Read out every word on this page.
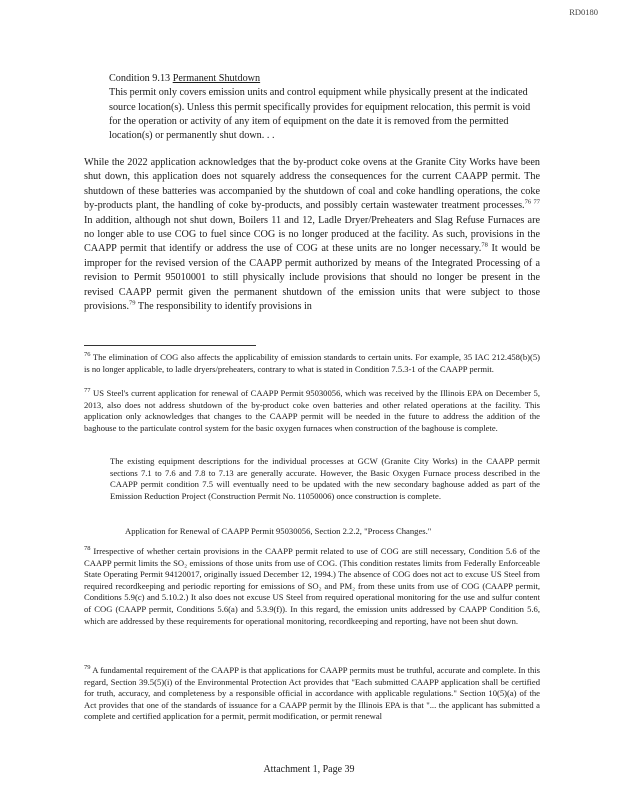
RD0180

Condition 9.13 Permanent Shutdown

This permit only covers emission units and control equipment while physically present at the indicated source location(s). Unless this permit specifically provides for equipment relocation, this permit is void for the operation or activity of any item of equipment on the date it is removed from the permitted location(s) or permanently shut down. . .

While the 2022 application acknowledges that the by-product coke ovens at the Granite City Works have been shut down, this application does not squarely address the consequences for the current CAAPP permit. The shutdown of these batteries was accompanied by the shutdown of coal and coke handling operations, the coke by-products plant, the handling of coke by-products, and possibly certain wastewater treatment processes.$^{76 77}$ In addition, although not shut down, Boilers 11 and 12, Ladle Dryer/Preheaters and Slag Refuse Furnaces are no longer able to use COG to fuel since COG is no longer produced at the facility. As such, provisions in the CAAPP permit that identify or address the use of COG at these units are no longer necessary.$^{78}$ It would be improper for the revised version of the CAAPP permit authorized by means of the Integrated Processing of a revision to Permit 95010001 to still physically include provisions that should no longer be present in the revised CAAPP permit given the permanent shutdown of the emission units that were subject to those provisions.$^{79}$ The responsibility to identify provisions in

$^{76}$ The elimination of COG also affects the applicability of emission standards to certain units. For example, 35 IAC 212.458(b)(5) is no longer applicable, to ladle dryers/preheaters, contrary to what is stated in Condition 7.5.3-1 of the CAAPP permit.

$^{77}$ US Steel's current application for renewal of CAAPP Permit 95030056, which was received by the Illinois EPA on December 5, 2013, also does not address shutdown of the by-product coke oven batteries and other related operations at the facility. This application only acknowledges that changes to the CAAPP permit will be needed in the future to address the addition of the baghouse to the particulate control system for the basic oxygen furnaces when construction of the baghouse is complete.

The existing equipment descriptions for the individual processes at GCW (Granite City Works) in the CAAPP permit sections 7.1 to 7.6 and 7.8 to 7.13 are generally accurate. However, the Basic Oxygen Furnace process described in the CAAPP permit condition 7.5 will eventually need to be updated with the new secondary baghouse added as part of the Emission Reduction Project (Construction Permit No. 11050006) once construction is complete.

Application for Renewal of CAAPP Permit 95030056, Section 2.2.2, "Process Changes."

$^{78}$ Irrespective of whether certain provisions in the CAAPP permit related to use of COG are still necessary, Condition 5.6 of the CAAPP permit limits the SO₂ emissions of those units from use of COG. (This condition restates limits from Federally Enforceable State Operating Permit 94120017, originally issued December 12, 1994.) The absence of COG does not act to excuse US Steel from required recordkeeping and periodic reporting for emissions of SO₂ and PM₂ from these units from use of COG (CAAPP permit, Conditions 5.9(c) and 5.10.2.) It also does not excuse US Steel from required operational monitoring for the use and sulfur content of COG (CAAPP permit, Conditions 5.6(a) and 5.3.9(f)). In this regard, the emission units addressed by CAAPP Condition 5.6, which are addressed by these requirements for operational monitoring, recordkeeping and reporting, have not been shut down.

$^{79}$ A fundamental requirement of the CAAPP is that applications for CAAPP permits must be truthful, accurate and complete. In this regard, Section 39.5(5)(i) of the Environmental Protection Act provides that "Each submitted CAAPP application shall be certified for truth, accuracy, and completeness by a responsible official in accordance with applicable regulations." Section 10(5)(a) of the Act provides that one of the standards of issuance for a CAAPP permit by the Illinois EPA is that "... the applicant has submitted a complete and certified application for a permit, permit modification, or permit renewal

Attachment 1, Page 39
